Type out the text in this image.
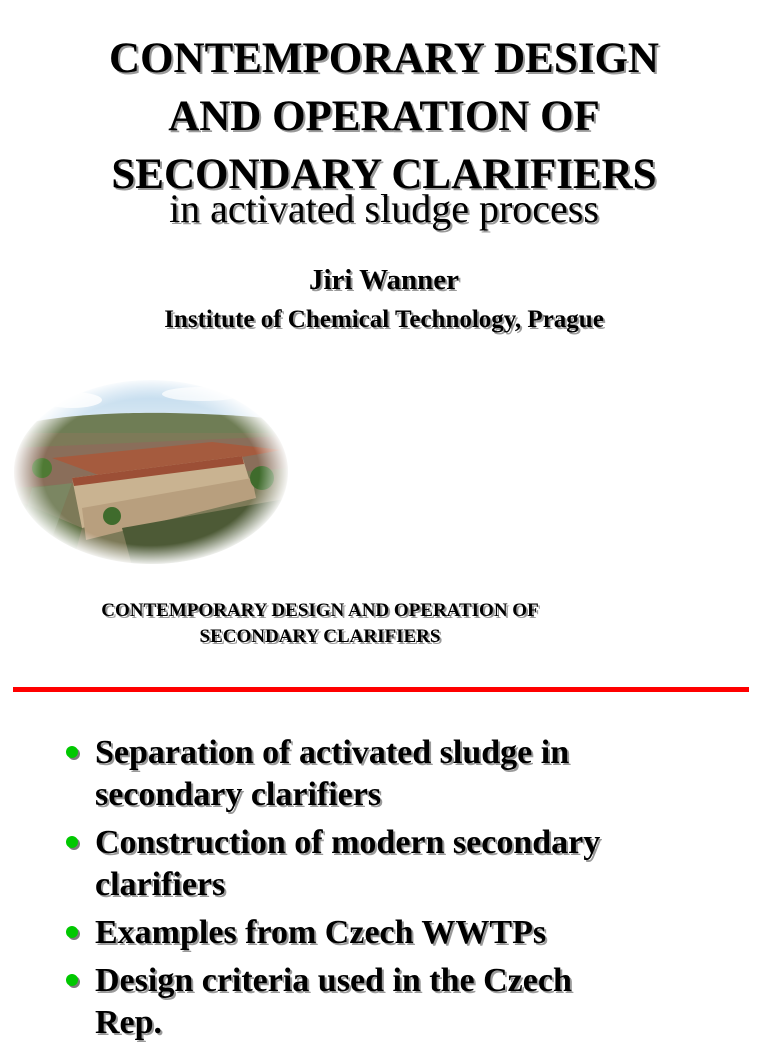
CONTEMPORARY DESIGN
AND OPERATION OF
SECONDARY CLARIFIERS
in activated sludge process
Jiri Wanner
Institute of Chemical Technology, Prague
CONTEMPORARY DESIGN AND OPERATION OF
SECONDARY CLARIFIERS
Separation of activated sludge in
secondary clarifiers
Construction of modern secondary
clarifiers
Examples from Czech WWTPs
Design criteria used in the Czech
Rep.
